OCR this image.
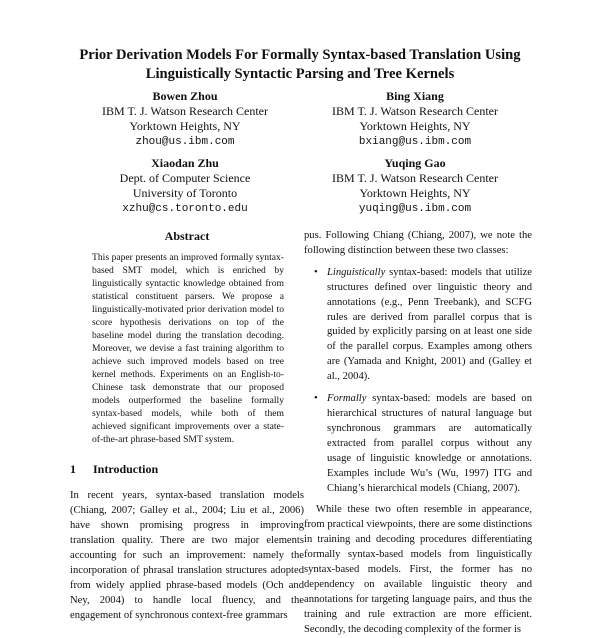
Prior Derivation Models For Formally Syntax-based Translation Using
Linguistically Syntactic Parsing and Tree Kernels
Bowen Zhou
IBM T. J. Watson Research Center
Yorktown Heights, NY
zhou@us.ibm.com
Bing Xiang
IBM T. J. Watson Research Center
Yorktown Heights, NY
bxiang@us.ibm.com
Xiaodan Zhu
Dept. of Computer Science
University of Toronto
xzhu@cs.toronto.edu
Yuqing Gao
IBM T. J. Watson Research Center
Yorktown Heights, NY
yuqing@us.ibm.com
Abstract
This paper presents an improved formally syntax-based SMT model, which is enriched by linguistically syntactic knowledge obtained from statistical constituent parsers. We propose a linguistically-motivated prior derivation model to score hypothesis derivations on top of the baseline model during the translation decoding. Moreover, we devise a fast training algorithm to achieve such improved models based on tree kernel methods. Experiments on an English-to-Chinese task demonstrate that our proposed models outperformed the baseline formally syntax-based models, while both of them achieved significant improvements over a state-of-the-art phrase-based SMT system.
1 Introduction
In recent years, syntax-based translation models (Chiang, 2007; Galley et al., 2004; Liu et al., 2006) have shown promising progress in improving translation quality. There are two major elements accounting for such an improvement: namely the incorporation of phrasal translation structures adopted from widely applied phrase-based models (Och and Ney, 2004) to handle local fluency, and the engagement of synchronous context-free grammars

pus. Following Chiang (Chiang, 2007), we note the following distinction between these two classes:

• Linguistically syntax-based: models that utilize structures defined over linguistic theory and annotations (e.g., Penn Treebank), and SCFG rules are derived from parallel corpus that is guided by explicitly parsing on at least one side of the parallel corpus. Examples among others are (Yamada and Knight, 2001) and (Galley et al., 2004).

• Formally syntax-based: models are based on hierarchical structures of natural language but synchronous grammars are automatically extracted from parallel corpus without any usage of linguistic knowledge or annotations. Examples include Wu’s (Wu, 1997) ITG and Chiang’s hierarchical models (Chiang, 2007).

While these two often resemble in appearance, from practical viewpoints, there are some distinctions in training and decoding procedures differentiating formally syntax-based models from linguistically syntax-based models. First, the former has no dependency on available linguistic theory and annotations for targeting language pairs, and thus the training and rule extraction are more efficient. Secondly, the decoding complexity of the former is
